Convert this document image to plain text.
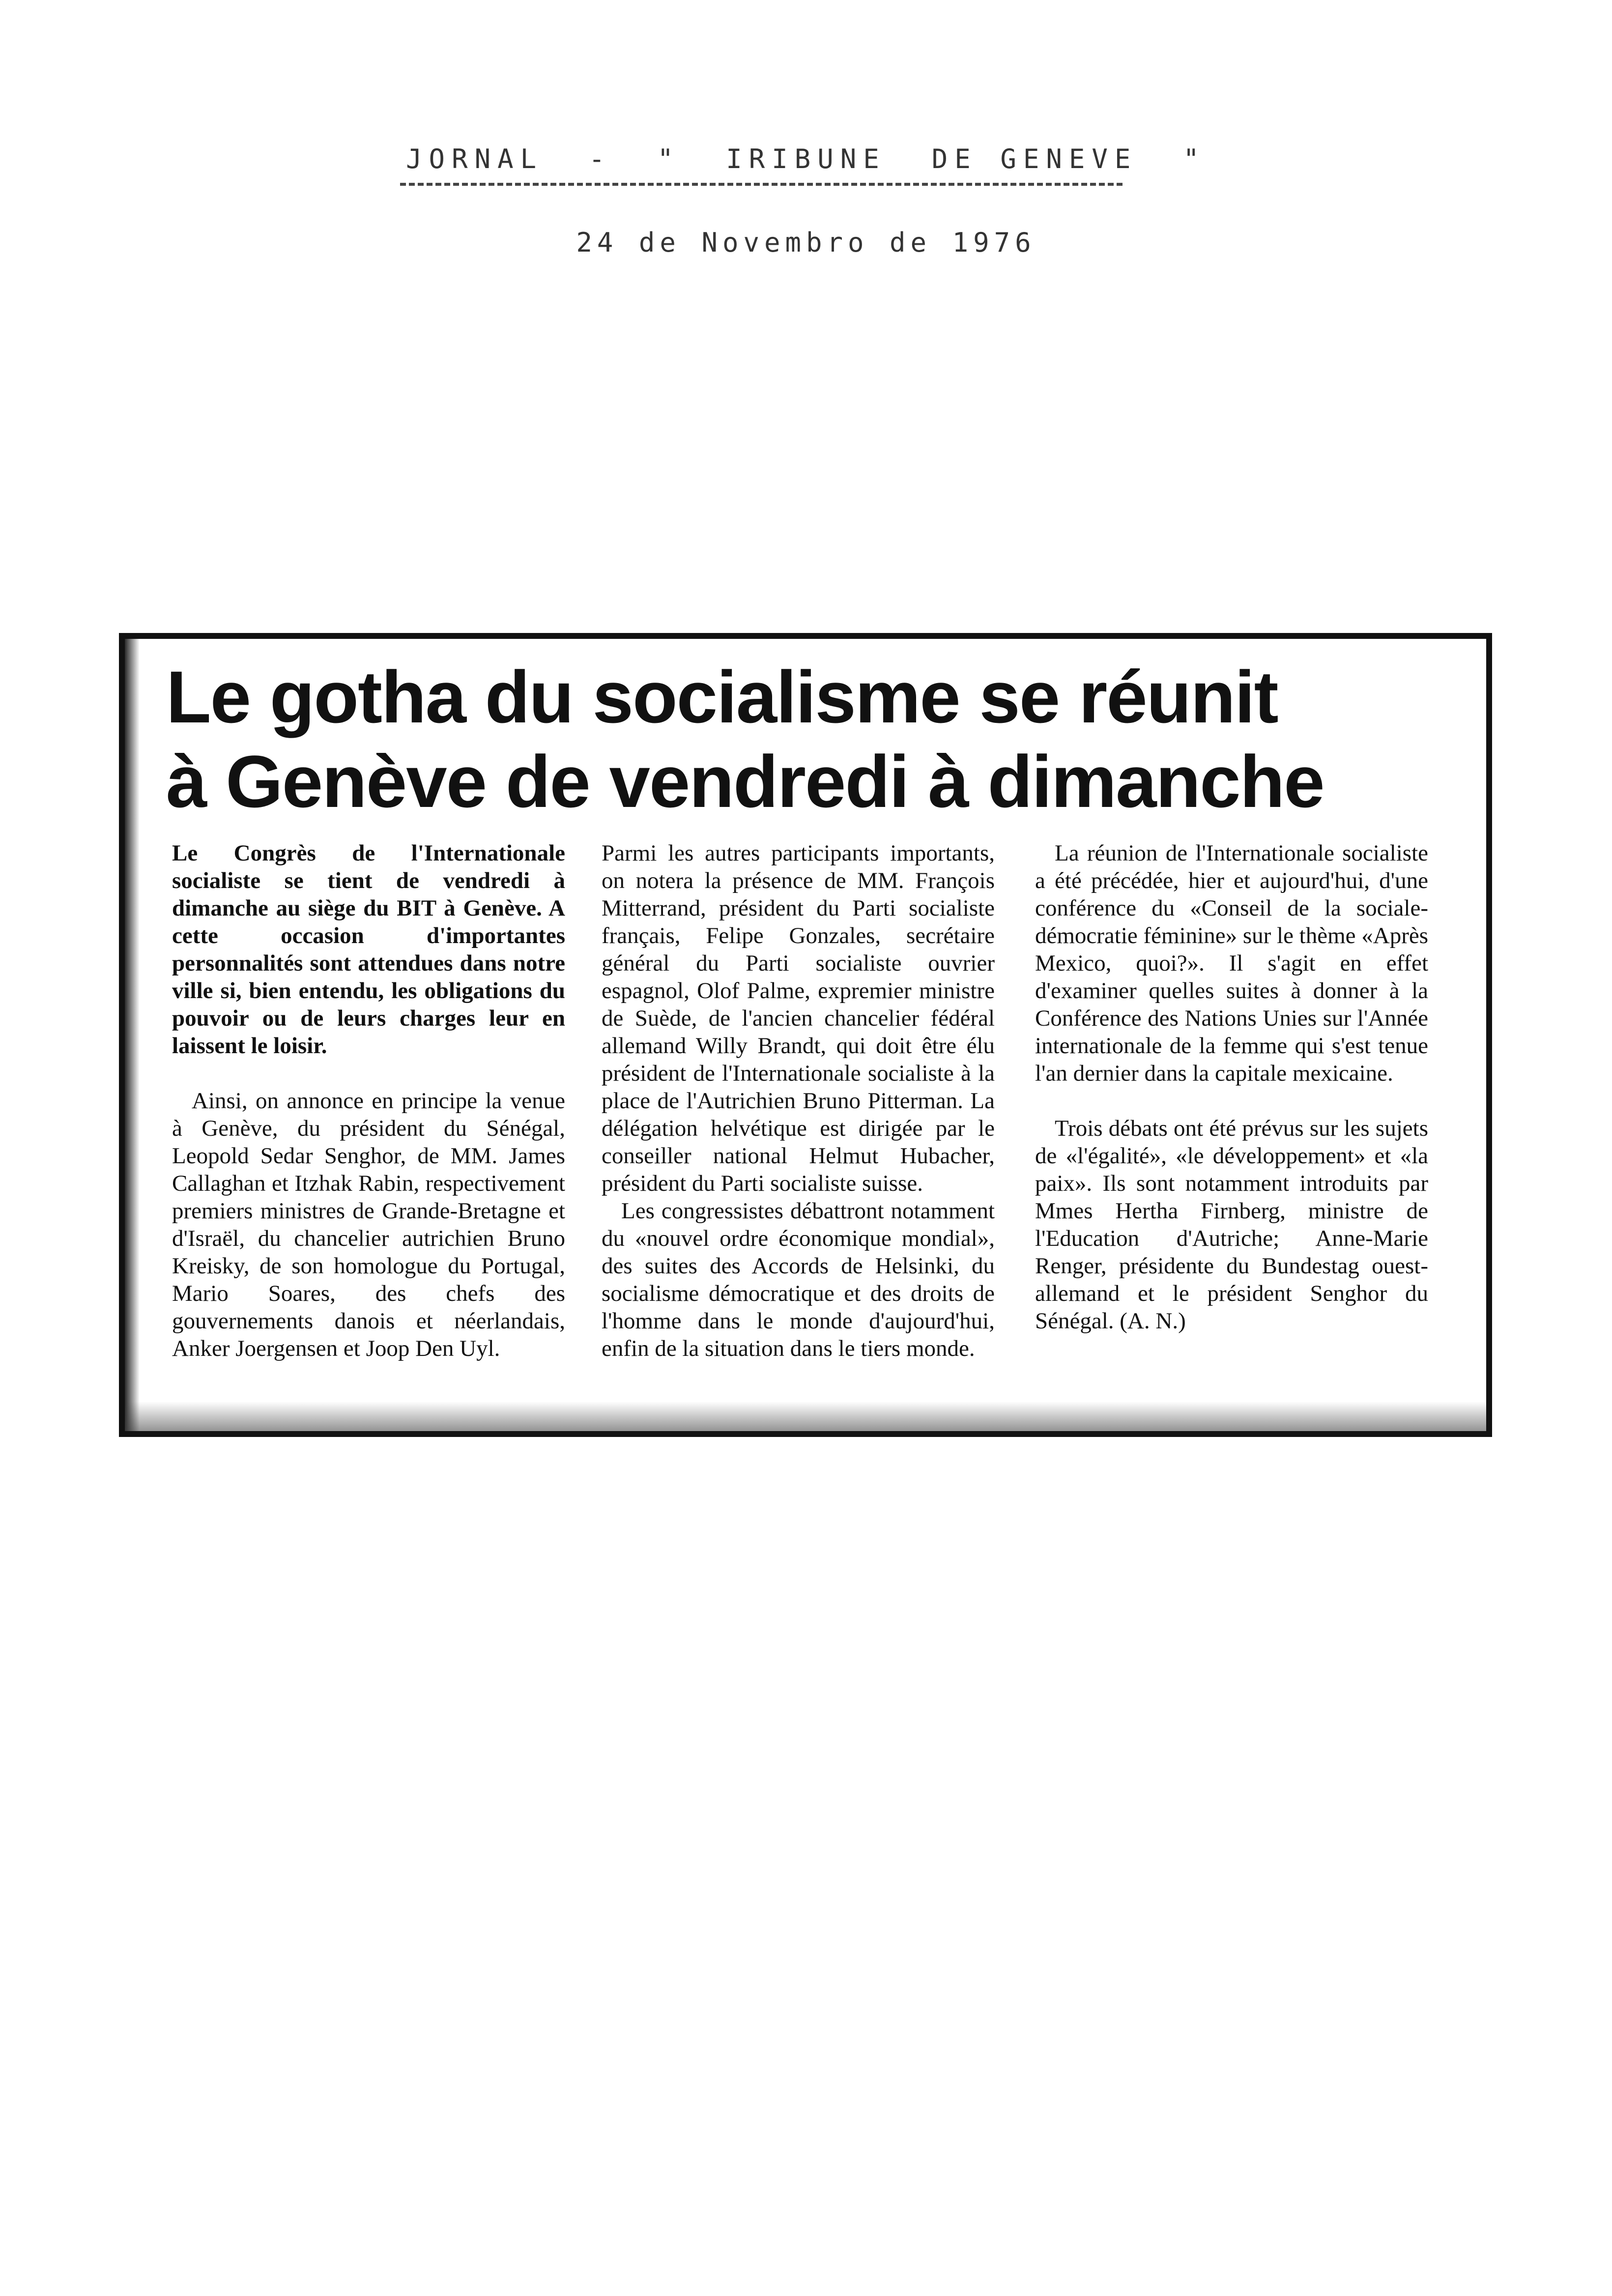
JORNAL  -  "  IRIBUNE  DE GENEVE  "
24 de Novembro de 1976
Le gotha du socialisme se réunit
à Genève de vendredi à dimanche

Le Congrès de l'Internationale socialiste se tient de vendredi à dimanche au siège du BIT à Genève. A cette occasion d'importantes personnalités sont attendues dans notre ville si, bien entendu, les obligations du pouvoir ou de leurs charges leur en laissent le loisir.

Ainsi, on annonce en principe la venue à Genève, du président du Sénégal, Leopold Sedar Senghor, de MM. James Callaghan et Itzhak Rabin, respectivement premiers ministres de Grande-Bretagne et d'Israël, du chancelier autrichien Bruno Kreisky, de son homologue du Portugal, Mario Soares, des chefs des gouvernements danois et néerlandais, Anker Joergensen et Joop Den Uyl.

Parmi les autres participants importants, on notera la présence de MM. François Mitterrand, président du Parti socialiste français, Felipe Gonzales, secrétaire général du Parti socialiste ouvrier espagnol, Olof Palme, expremier ministre de Suède, de l'ancien chancelier fédéral allemand Willy Brandt, qui doit être élu président de l'Internationale socialiste à la place de l'Autrichien Bruno Pitterman. La délégation helvétique est dirigée par le conseiller national Helmut Hubacher, président du Parti socialiste suisse.

Les congressistes débattront notamment du «nouvel ordre économique mondial», des suites des Accords de Helsinki, du socialisme démocratique et des droits de l'homme dans le monde d'aujourd'hui, enfin de la situation dans le tiers monde.

La réunion de l'Internationale socialiste a été précédée, hier et aujourd'hui, d'une conférence du «Conseil de la sociale-démocratie féminine» sur le thème «Après Mexico, quoi?». Il s'agit en effet d'examiner quelles suites à donner à la Conférence des Nations Unies sur l'Année internationale de la femme qui s'est tenue l'an dernier dans la capitale mexicaine.

Trois débats ont été prévus sur les sujets de «l'égalité», «le développement» et «la paix». Ils sont notamment introduits par Mmes Hertha Firnberg, ministre de l'Education d'Autriche; Anne-Marie Renger, présidente du Bundestag ouest-allemand et le président Senghor du Sénégal. (A. N.)
